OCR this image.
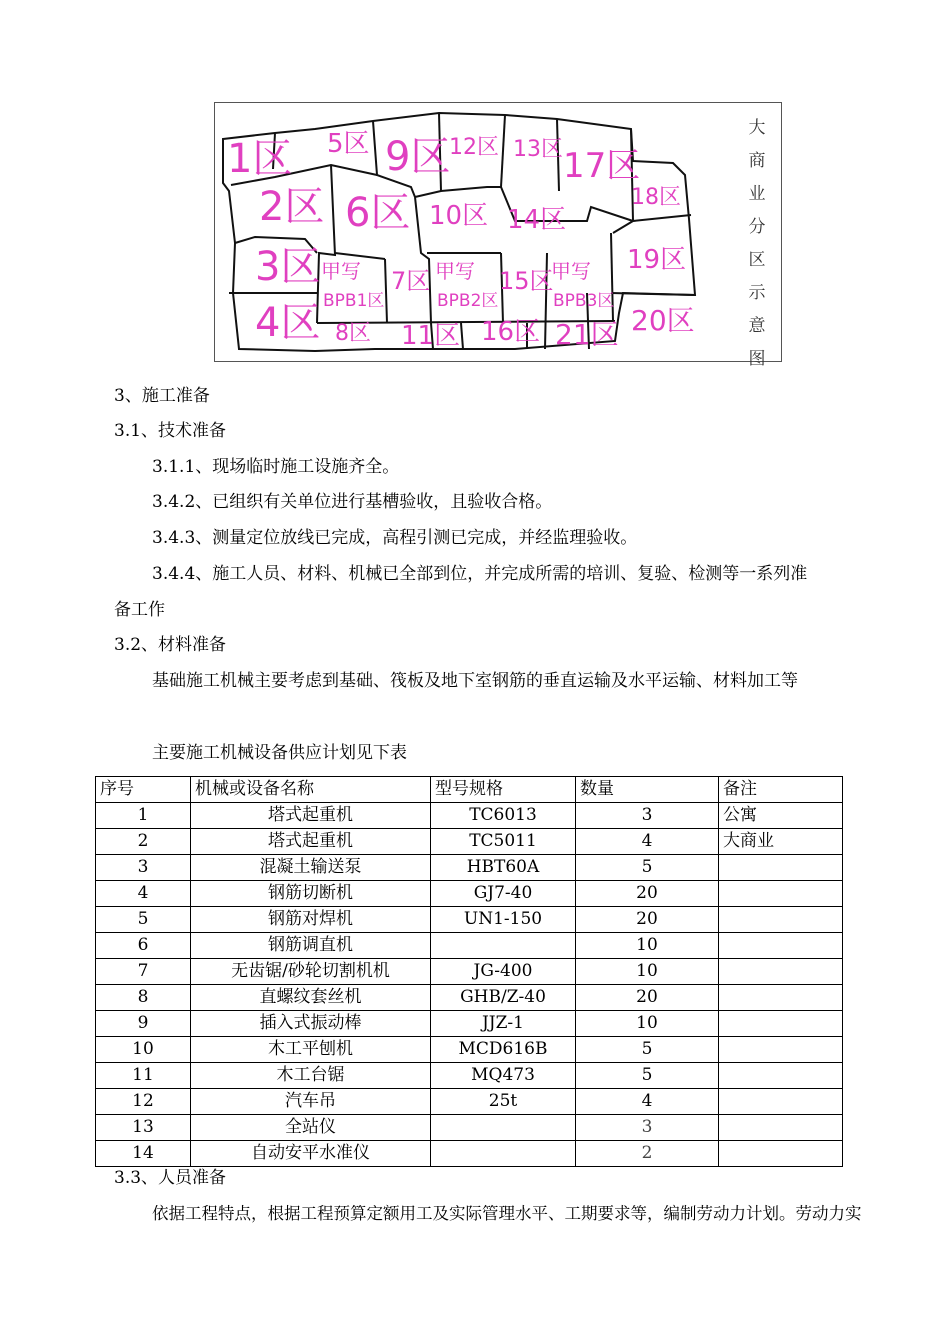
1区 5区 9区
12区 13区 17区
18区
2区 6区 10区 14区
19区
3区 甲写 7区 甲写 15区
甲写
BPB1区	BPB2区	BPB3区
4区 8区 11区 16区 21区 20区
大
商
业
分
区
示
意
图
3、施工准备
3.1、技术准备
3.1.1、现场临时施工设施齐全。
3.4.2、已组织有关单位进行基槽验收，且验收合格。
3.4.3、测量定位放线已完成，高程引测已完成，并经监理验收。
3.4.4、施工人员、材料、机械已全部到位，并完成所需的培训、复验、检测等一系列准
备工作
3.2、材料准备
基础施工机械主要考虑到基础、筏板及地下室钢筋的垂直运输及水平运输、材料加工等
主要施工机械设备供应计划见下表
序号	机械或设备名称	型号规格	数量	备注
1	塔式起重机	TC6013	3	公寓
2	塔式起重机	TC5011	4	大商业
3	混凝土输送泵	HBT60A	5	
4	钢筋切断机	GJ7-40	20	
5	钢筋对焊机	UN1-150	20	
6	钢筋调直机		10	
7	无齿锯/砂轮切割机机	JG-400	10	
8	直螺纹套丝机	GHB/Z-40	20	
9	插入式振动棒	JJZ-1	10	
10	木工平刨机	MCD616B	5	
11	木工台锯	MQ473	5	
12	汽车吊	25t	4	
13	全站仪		3	
14	自动安平水准仪		2	
3.3、人员准备
依据工程特点，根据工程预算定额用工及实际管理水平、工期要求等，编制劳动力计划。劳动力实
